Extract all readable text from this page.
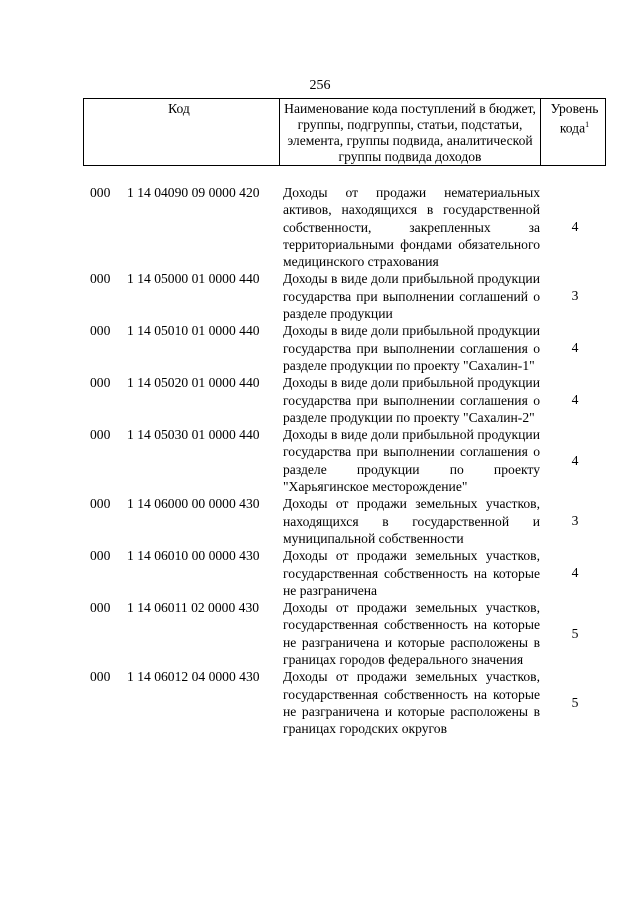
256
Код	Наименование кода поступлений в бюджет, группы, подгруппы, статьи, подстатьи, элемента, группы подвида, аналитической группы подвида доходов
Уровень кода$^1$
000 1 14 04090 09 0000 420 Доходы от продажи нематериальных активов, находящихся в государственной собственности, закрепленных за территориальными фондами обязательного медицинского страхования
4
000 1 14 05000 01 0000 440 Доходы в виде доли прибыльной продукции государства при выполнении соглашений о разделе продукции
3
000 1 14 05010 01 0000 440 Доходы в виде доли прибыльной продукции государства при выполнении соглашения о разделе продукции по проекту "Сахалин-1"
4
000 1 14 05020 01 0000 440 Доходы в виде доли прибыльной продукции государства при выполнении соглашения о разделе продукции по проекту "Сахалин-2"
4
000 1 14 05030 01 0000 440 Доходы в виде доли прибыльной продукции государства при выполнении соглашения о разделе продукции по проекту "Харьягинское месторождение"
4
000 1 14 06000 00 0000 430 Доходы от продажи земельных участков, находящихся в государственной и муниципальной собственности
3
000 1 14 06010 00 0000 430 Доходы от продажи земельных участков, государственная собственность на которые не разграничена
4
000 1 14 06011 02 0000 430 Доходы от продажи земельных участков, государственная собственность на которые не разграничена и которые расположены в границах городов федерального значения
5
000 1 14 06012 04 0000 430 Доходы от продажи земельных участков, государственная собственность на которые не разграничена и которые расположены в границах городских округов
5
